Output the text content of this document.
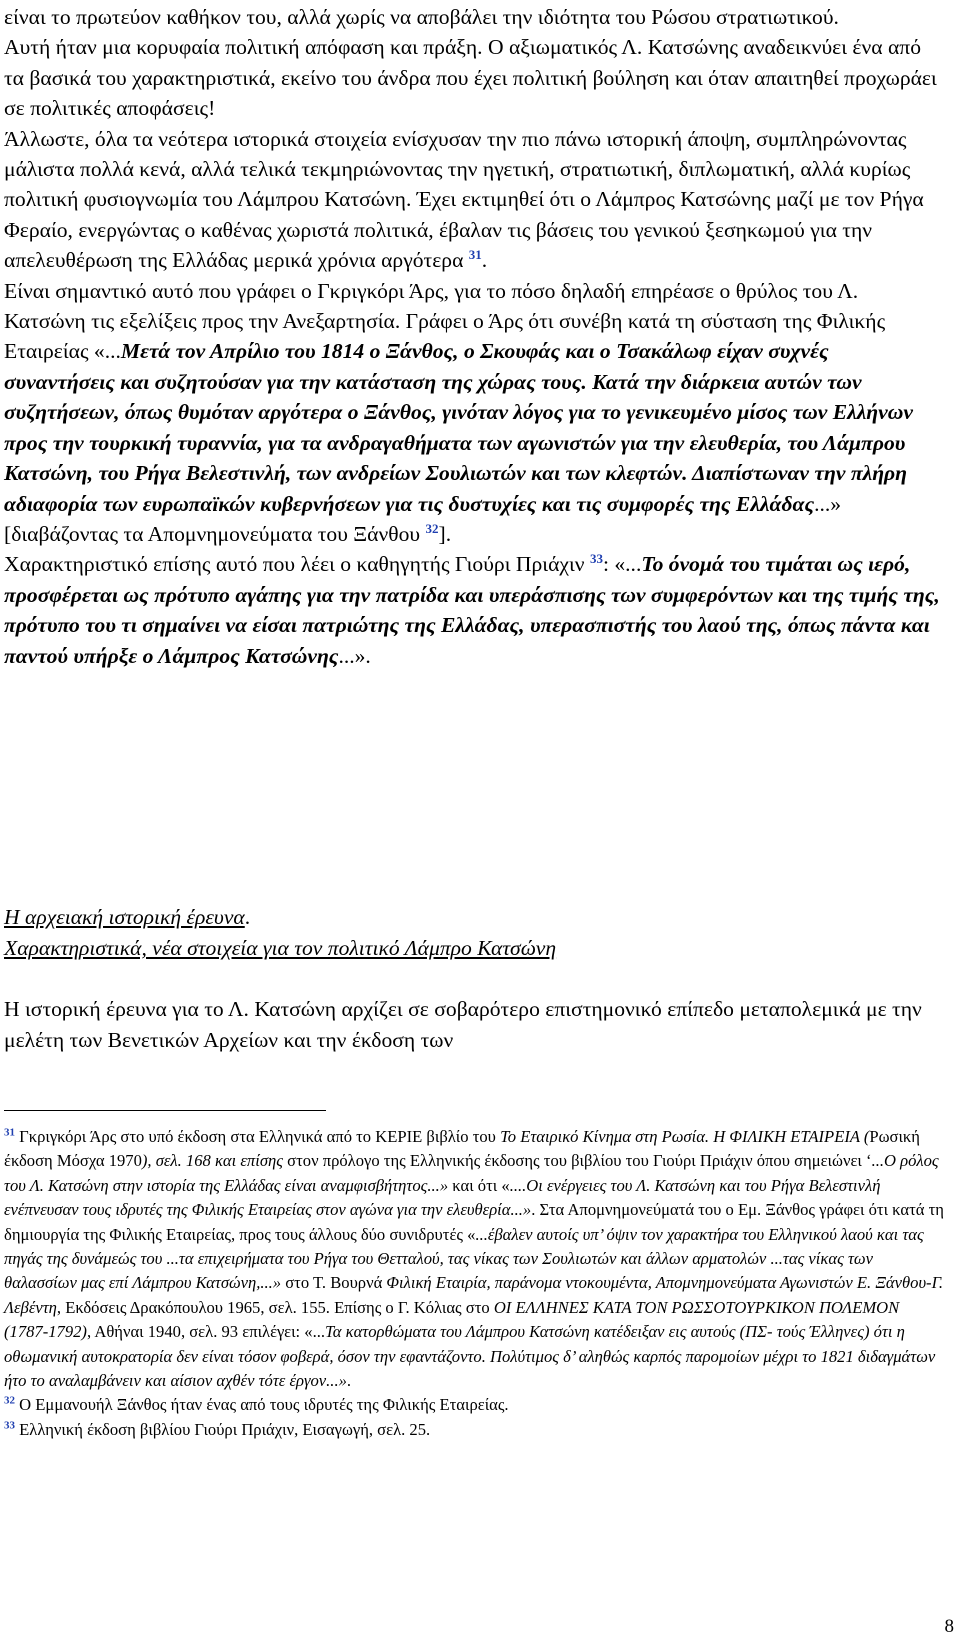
είναι το πρωτεύον καθήκον του, αλλά χωρίς να αποβάλει την ιδιότητα του Ρώσου στρατιωτικού.

Αυτή ήταν μια κορυφαία πολιτική απόφαση και πράξη. Ο αξιωματικός Λ. Κατσώνης αναδεικνύει ένα από τα βασικά του χαρακτηριστικά, εκείνο του άνδρα που έχει πολιτική βούληση και όταν απαιτηθεί προχωράει σε πολιτικές αποφάσεις!

Άλλωστε, όλα τα νεότερα ιστορικά στοιχεία ενίσχυσαν την πιο πάνω ιστορική άποψη, συμπληρώνοντας μάλιστα πολλά κενά, αλλά τελικά τεκμηριώνοντας την ηγετική, στρατιωτική, διπλωματική, αλλά κυρίως πολιτική φυσιογνωμία του Λάμπρου Κατσώνη. Έχει εκτιμηθεί ότι ο Λάμπρος Κατσώνης μαζί με τον Ρήγα Φεραίο, ενεργώντας ο καθένας χωριστά πολιτικά, έβαλαν τις βάσεις του γενικού ξεσηκωμού για την απελευθέρωση της Ελλάδας μερικά χρόνια αργότερα $^{31}$.

Είναι σημαντικό αυτό που γράφει ο Γκριγκόρι Άρς, για το πόσο δηλαδή επηρέασε ο θρύλος του Λ. Κατσώνη τις εξελίξεις προς την Ανεξαρτησία. Γράφει ο Άρς ότι συνέβη κατά τη σύσταση της Φιλικής Εταιρείας «...Μετά τον Απρίλιο του 1814 ο Ξάνθος, ο Σκουφάς και ο Τσακάλωφ είχαν συχνές συναντήσεις και συζητούσαν για την κατάσταση της χώρας τους. Κατά την διάρκεια αυτών των συζητήσεων, όπως θυμόταν αργότερα ο Ξάνθος, γινόταν λόγος για το γενικευμένο μίσος των Ελλήνων προς την τουρκική τυραννία, για τα ανδραγαθήματα των αγωνιστών για την ελευθερία, του Λάμπρου Κατσώνη, του Ρήγα Βελεστινλή, των ανδρείων Σουλιωτών και των κλεφτών. Διαπίστωναν την πλήρη αδιαφορία των ευρωπαϊκών κυβερνήσεων για τις δυστυχίες και τις συμφορές της Ελλάδας...» [διαβάζοντας τα Απομνημονεύματα του Ξάνθου $^{32}$].

Χαρακτηριστικό επίσης αυτό που λέει ο καθηγητής Γιούρι Πριάχιν $^{33}$: «...Το όνομά του τιμάται ως ιερό, προσφέρεται ως πρότυπο αγάπης για την πατρίδα και υπεράσπισης των συμφερόντων και της τιμής της, πρότυπο του τι σημαίνει να είσαι πατριώτης της Ελλάδας, υπερασπιστής του λαού της, όπως πάντα και παντού υπήρξε ο Λάμπρος Κατσώνης...».

Η αρχειακή ιστορική έρευνα.
Χαρακτηριστικά, νέα στοιχεία για τον πολιτικό Λάμπρο Κατσώνη

Η ιστορική έρευνα για το Λ. Κατσώνη αρχίζει σε σοβαρότερο επιστημονικό επίπεδο μεταπολεμικά με την μελέτη των Βενετικών Αρχείων και την έκδοση των

$^{31}$ Γκριγκόρι Άρς στο υπό έκδοση στα Ελληνικά από το ΚΕΡΙΕ βιβλίο του Το Εταιρικό Κίνημα στη Ρωσία. Η ΦΙΛΙΚΗ ΕΤΑΙΡΕΙΑ (Ρωσική έκδοση Μόσχα 1970), σελ. 168 και επίσης στον πρόλογο της Ελληνικής έκδοσης του βιβλίου του Γιούρι Πριάχιν όπου σημειώνει ‘...Ο ρόλος του Λ. Κατσώνη στην ιστορία της Ελλάδας είναι αναμφισβήτητος...» και ότι «....Οι ενέργειες του Λ. Κατσώνη και του Ρήγα Βελεστινλή ενέπνευσαν τους ιδρυτές της Φιλικής Εταιρείας στον αγώνα για την ελευθερία...». Στα Απομνημονεύματά του ο Εμ. Ξάνθος γράφει ότι κατά τη δημιουργία της Φιλικής Εταιρείας, προς τους άλλους δύο συνιδρυτές «...έβαλεν αυτοίς υπ’ όψιν τον χαρακτήρα του Ελληνικού λαού και τας πηγάς της δυνάμεώς του ...τα επιχειρήματα του Ρήγα του Θετταλού, τας νίκας των Σουλιωτών και άλλων αρματολών ...τας νίκας των θαλασσίων μας επί Λάμπρου Κατσώνη,...» στο Τ. Βουρνά Φιλική Εταιρία, παράνομα ντοκουμέντα, Απομνημονεύματα Αγωνιστών Ε. Ξάνθου-Γ. Λεβέντη, Εκδόσεις Δρακόπουλου 1965, σελ. 155. Επίσης ο Γ. Κόλιας στο ΟΙ ΕΛΛΗΝΕΣ ΚΑΤΑ ΤΟΝ ΡΩΣΣΟΤΟΥΡΚΙΚΟΝ ΠΟΛΕΜΟΝ (1787-1792), Αθήναι 1940, σελ. 93 επιλέγει: «...Τα κατορθώματα του Λάμπρου Κατσώνη κατέδειξαν εις αυτούς (ΠΣ- τούς Έλληνες) ότι η οθωμανική αυτοκρατορία δεν είναι τόσον φοβερά, όσον την εφαντάζοντο. Πολύτιμος δ’ αληθώς καρπός παρομοίων μέχρι το 1821 διδαγμάτων ήτο το αναλαμβάνειν και αίσιον αχθέν τότε έργον...».

$^{32}$ Ο Εμμανουήλ Ξάνθος ήταν ένας από τους ιδρυτές της Φιλικής Εταιρείας.

$^{33}$ Ελληνική έκδοση βιβλίου Γιούρι Πριάχιν, Εισαγωγή, σελ. 25.

8
